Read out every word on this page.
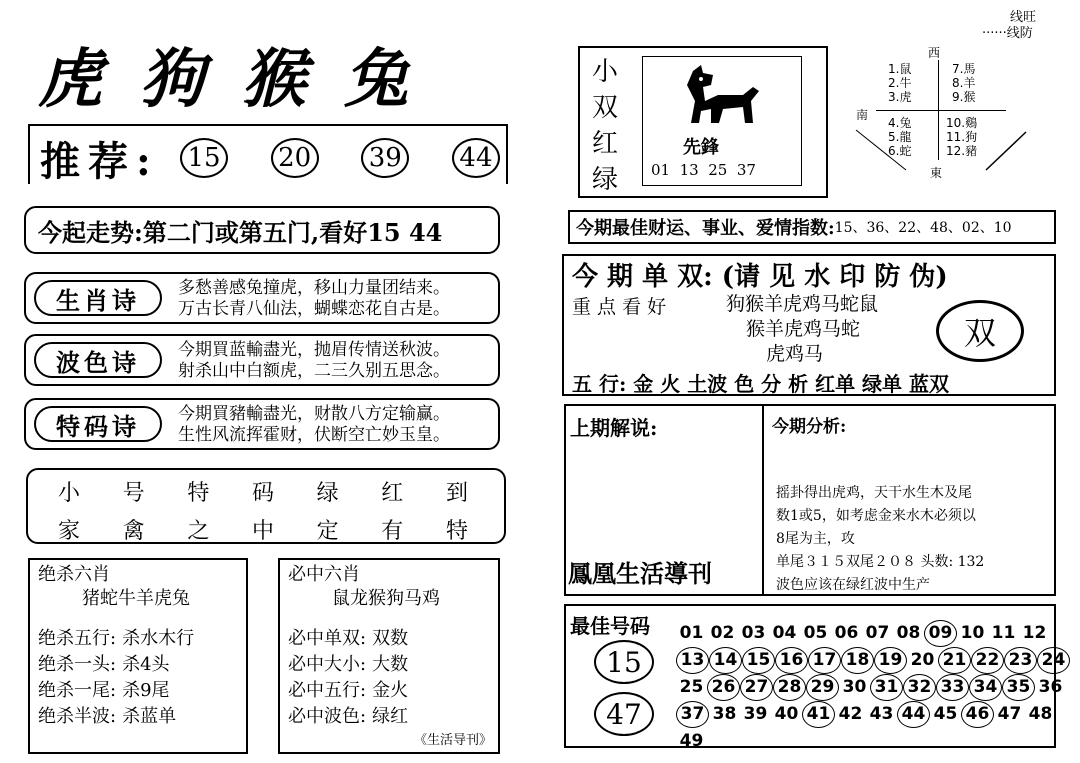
虎狗猴兔
推荐: 15 20 39 44
今起走势:第二门或第五门,看好15 44
生肖诗	多愁善感兔撞虎，移山力量团结来。
万古长青八仙法，蝴蝶恋花自古是。
波色诗	今期買蓝輸盡光，抛眉传情送秋波。
射杀山中白额虎，二三久别五思念。
特码诗	今期買豬輸盡光，财散八方定输赢。
生性风流挥霍财，伏断空亡妙玉皇。
小 号 特 码 绿 红 到
家 禽 之 中 定 有 特
绝杀六肖
猪蛇牛羊虎兔
绝杀五行: 杀水木行
绝杀一头: 杀4头
绝杀一尾: 杀9尾
绝杀半波: 杀蓝单
必中六肖
鼠龙猴狗马鸡
必中单双: 双数
必中大小: 大数
必中五行: 金火
必中波色: 绿红
《生活导刊》
线旺
······线防
小
双
红
绿
先鋒
01  13  25  37
西
南
東
1.鼠
2.牛
3.虎
7.馬
8.羊
9.猴
4.兔
5.龍
6.蛇
10.鷄
11.狗
12.豬
今期最佳财运、事业、爱情指数: 15、36、22、48、02、10
今 期 单 双: (请 见 水 印 防 伪)
重 点 看 好	狗猴羊虎鸡马蛇鼠
猴羊虎鸡马蛇
虎鸡马
双
五 行: 金 火 土波 色 分 析 红单 绿单 蓝双
上期解说:	今期分析:
鳳凰生活導刊
摇卦得出虎鸡，天干水生木及尾
数1或5，如考虑金来水木必须以
8尾为主，攻
单尾３１５双尾２０８ 头数: 132
波色应该在绿红波中生产
最佳号码
15
47
01 02 03 04 05 06 07 08 09 10 11 12
13 14 15 16 17 18 19 20 21 22 23 24
25 26 27 28 29 30 31 32 33 34 35 36
37 38 39 40 41 42 43 44 45 46 47 48
49
